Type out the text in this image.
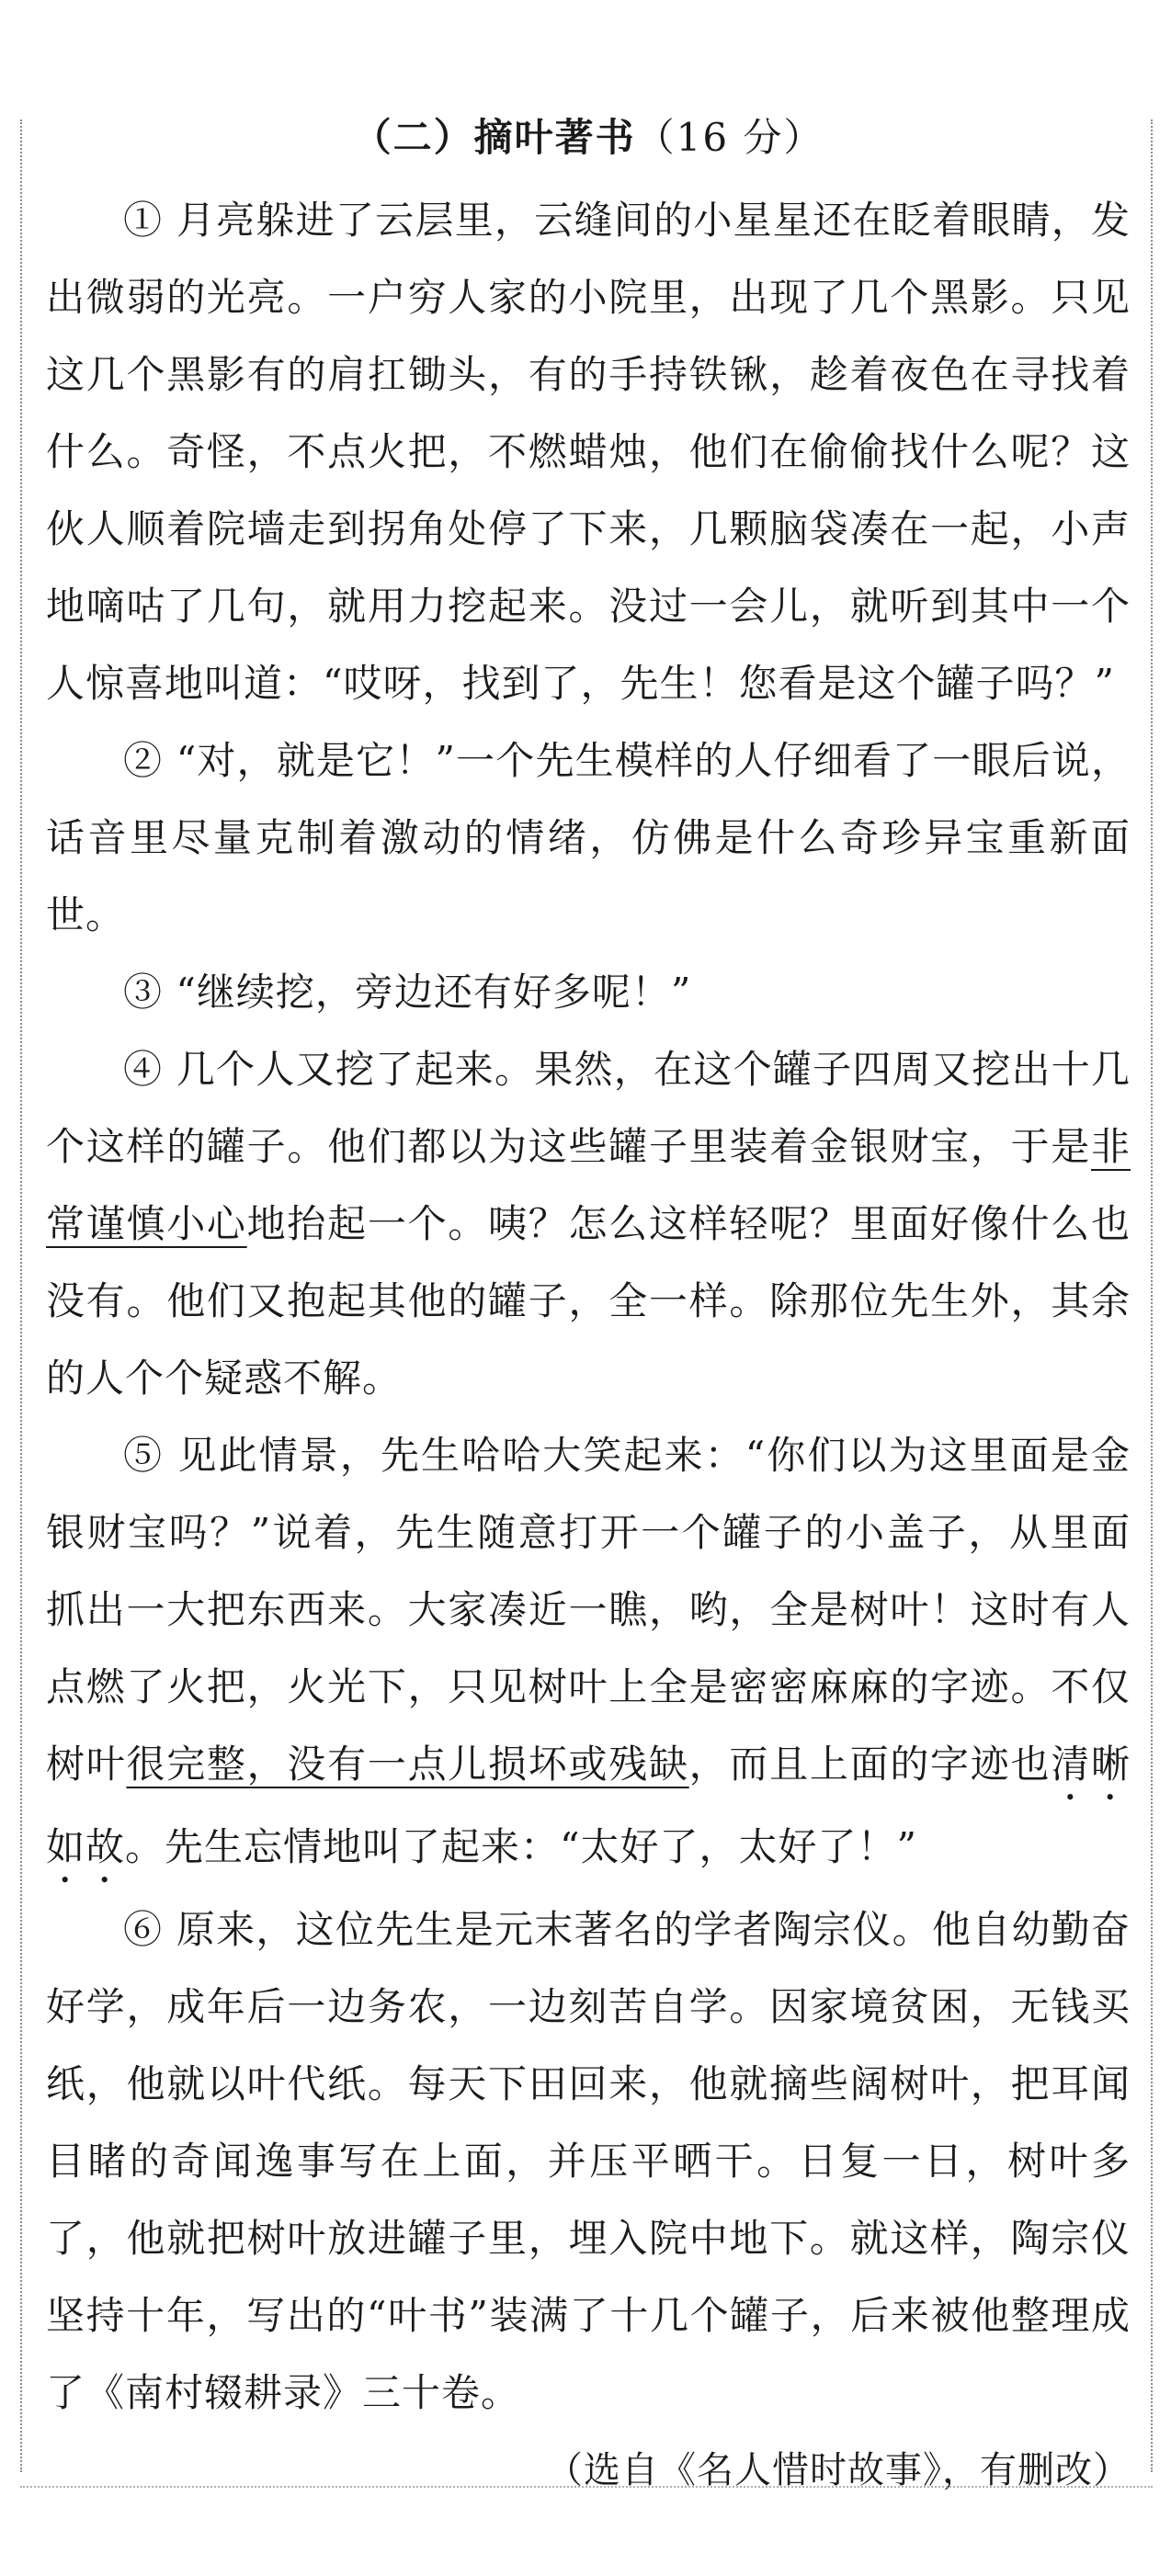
（二）摘叶著书（16 分）

① 月亮躲进了云层里，云缝间的小星星还在眨着眼睛，发出微弱的光亮。一户穷人家的小院里，出现了几个黑影。只见这几个黑影有的肩扛锄头，有的手持铁锹，趁着夜色在寻找着什么。奇怪，不点火把，不燃蜡烛，他们在偷偷找什么呢？这伙人顺着院墙走到拐角处停了下来，几颗脑袋凑在一起，小声地嘀咕了几句，就用力挖起来。没过一会儿，就听到其中一个人惊喜地叫道：“哎呀，找到了，先生！您看是这个罐子吗？”

② “对，就是它！”一个先生模样的人仔细看了一眼后说，话音里尽量克制着激动的情绪，仿佛是什么奇珍异宝重新面世。

③ “继续挖，旁边还有好多呢！”

④ 几个人又挖了起来。果然，在这个罐子四周又挖出十几个这样的罐子。他们都以为这些罐子里装着金银财宝，于是非常谨慎小心地抬起一个。咦？怎么这样轻呢？里面好像什么也没有。他们又抱起其他的罐子，全一样。除那位先生外，其余的人个个疑惑不解。

⑤ 见此情景，先生哈哈大笑起来：“你们以为这里面是金银财宝吗？”说着，先生随意打开一个罐子的小盖子，从里面抓出一大把东西来。大家凑近一瞧，哟，全是树叶！这时有人点燃了火把，火光下，只见树叶上全是密密麻麻的字迹。不仅树叶很完整，没有一点儿损坏或残缺，而且上面的字迹也清晰如故。先生忘情地叫了起来：“太好了，太好了！”

⑥ 原来，这位先生是元末著名的学者陶宗仪。他自幼勤奋好学，成年后一边务农，一边刻苦自学。因家境贫困，无钱买纸，他就以叶代纸。每天下田回来，他就摘些阔树叶，把耳闻目睹的奇闻逸事写在上面，并压平晒干。日复一日，树叶多了，他就把树叶放进罐子里，埋入院中地下。就这样，陶宗仪坚持十年，写出的“叶书”装满了十几个罐子，后来被他整理成了《南村辍耕录》三十卷。

（选自《名人惜时故事》，有删改）
